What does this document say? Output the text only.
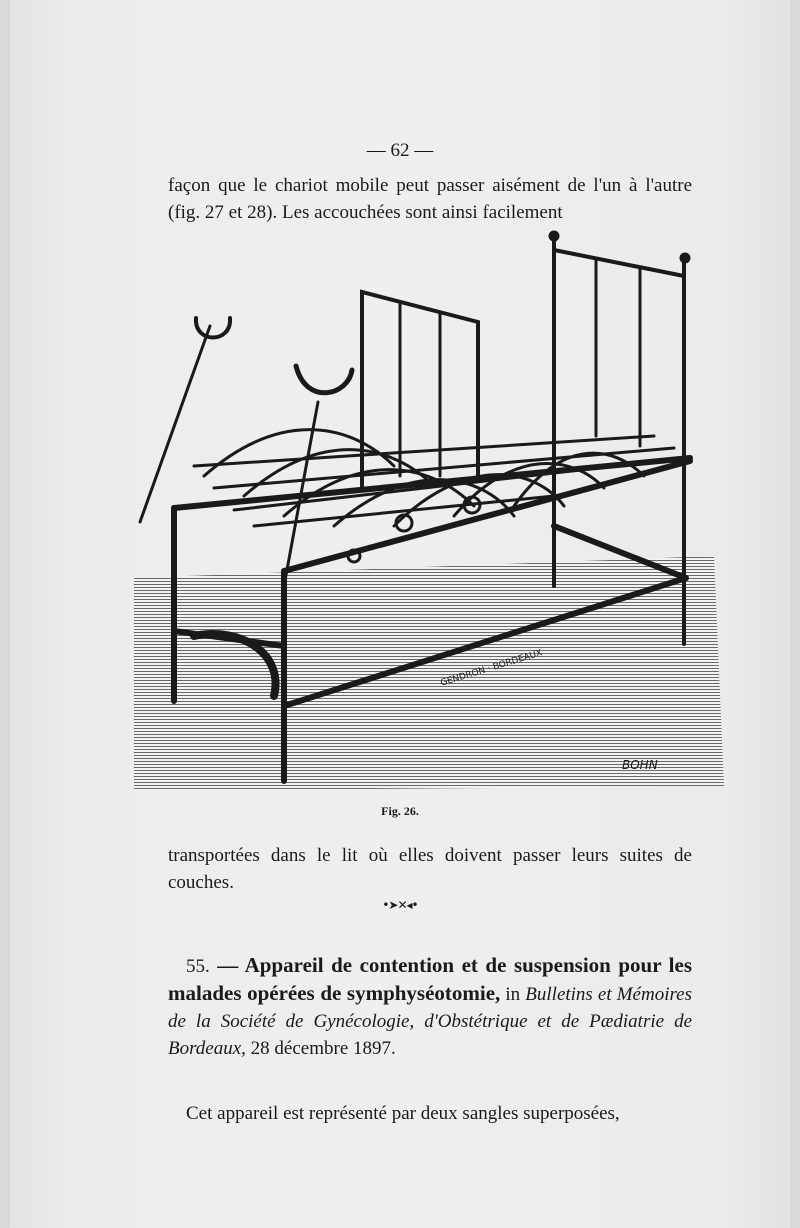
— 62 —
façon que le chariot mobile peut passer aisément de l'un à l'autre (fig. 27 et 28). Les accouchées sont ainsi facilement
GENDRON · BORDEAUX
BOHN
Fig. 26.
transportées dans le lit où elles doivent passer leurs suites de couches.
•➤✕◂•
55. — Appareil de contention et de suspension pour les malades opérées de symphyséotomie, in Bulletins et Mémoires de la Société de Gynécologie, d'Obstétrique et de Pædiatrie de Bordeaux, 28 décembre 1897.
Cet appareil est représenté par deux sangles superposées,
